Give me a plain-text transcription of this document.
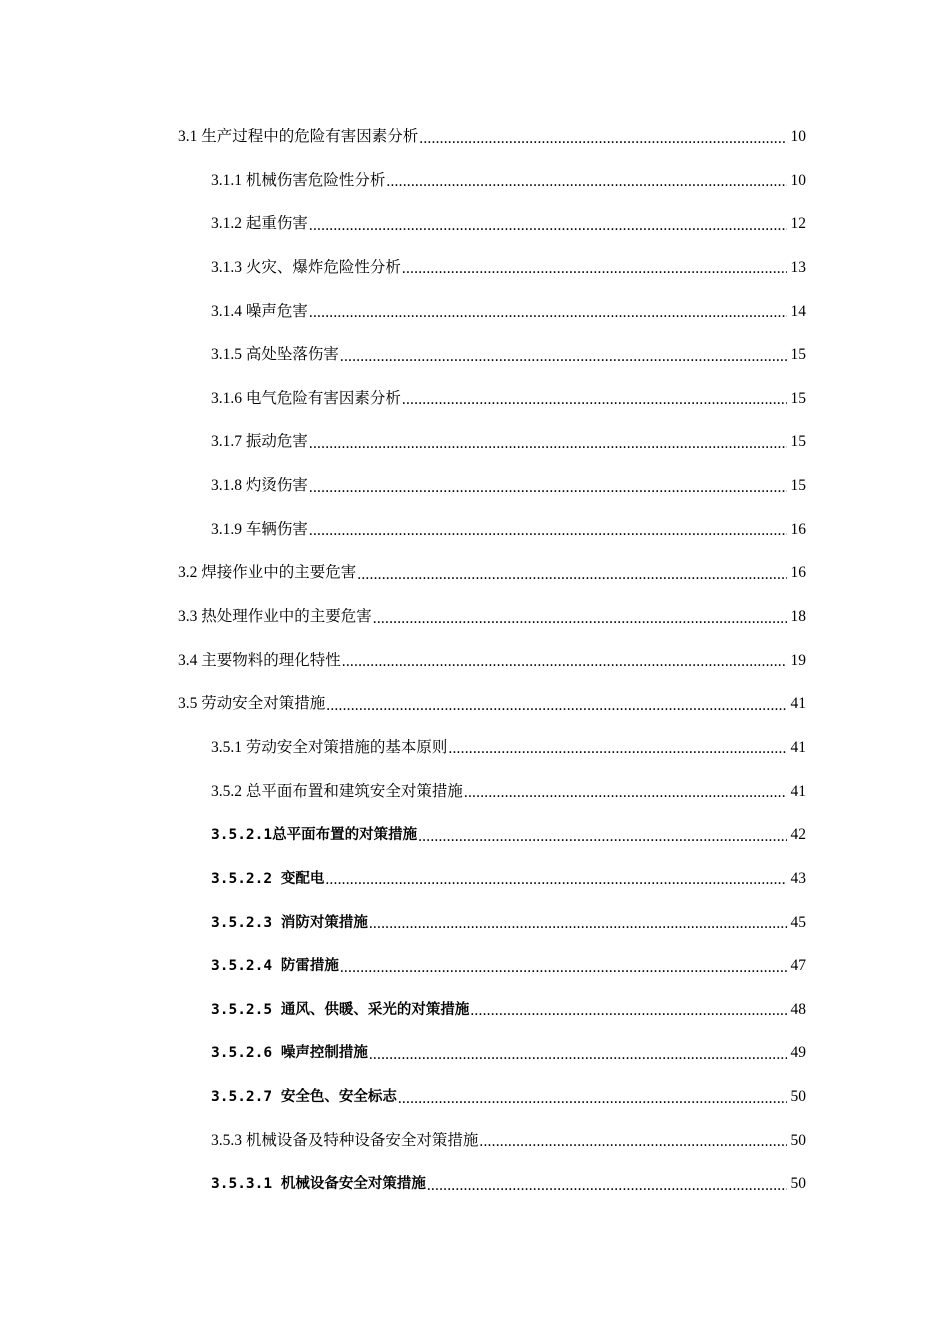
3.1 生产过程中的危险有害因素分析 .....	10
3.1.1 机械伤害危险性分析 .....	10
3.1.2 起重伤害 .....	12
3.1.3 火灾、爆炸危险性分析 .....	13
3.1.4 噪声危害 .....	14
3.1.5 高处坠落伤害 .....	15
3.1.6 电气危险有害因素分析 .....	15
3.1.7 振动危害 .....	15
3.1.8 灼烫伤害 .....	15
3.1.9 车辆伤害 .....	16
3.2 焊接作业中的主要危害 .....	16
3.3 热处理作业中的主要危害 .....	18
3.4 主要物料的理化特性 .....	19
3.5 劳动安全对策措施 .....	41
3.5.1 劳动安全对策措施的基本原则 .....	41
3.5.2 总平面布置和建筑安全对策措施 .....	41
3.5.2.1总平面布置的对策措施 .....	42
3.5.2.2 变配电 .....	43
3.5.2.3 消防对策措施 .....	45
3.5.2.4 防雷措施 .....	47
3.5.2.5 通风、供暖、采光的对策措施 .....	48
3.5.2.6 噪声控制措施 .....	49
3.5.2.7 安全色、安全标志 .....	50
3.5.3 机械设备及特种设备安全对策措施 .....	50
3.5.3.1 机械设备安全对策措施 .....	50
